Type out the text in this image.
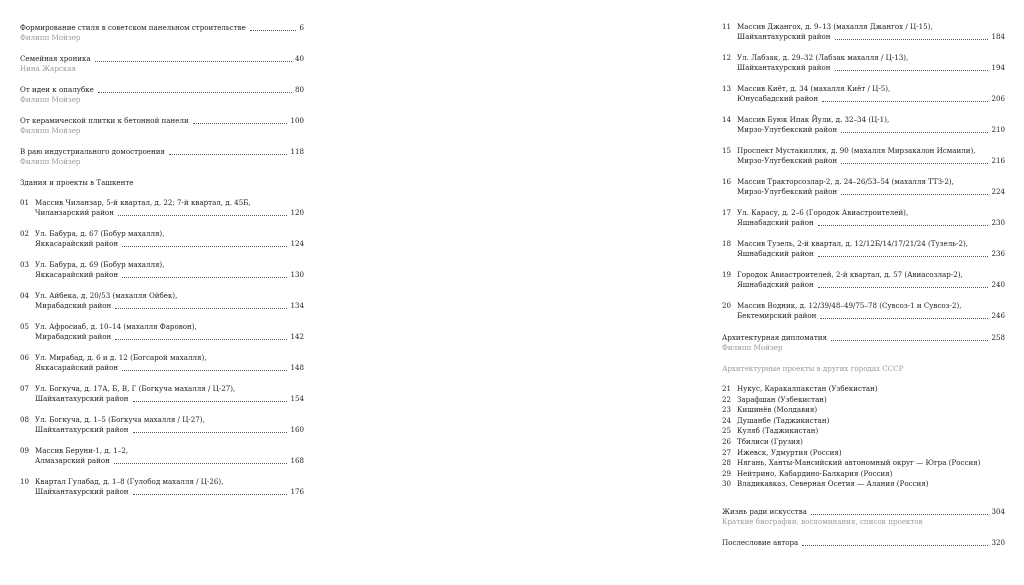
Формирование стиля в советском панельном строительстве	6
Филипп Мойзер
Семейная хроника	40
Нина Жарская
От идеи к опалубке	80
Филипп Мойзер
От керамической плитки к бетонной панели	100
Филипп Мойзер
В раю индустриального домостроения	118
Филипп Мойзер
Здания и проекты в Ташкенте
01 Массив Чиланзар, 5-й квартал, д. 22; 7-й квартал, д. 45Б,
Чиланзарский район	120
02 Ул. Бабура, д. 67 (Бобур махалля),
Яккасарайский район	124
03 Ул. Бабура, д. 69 (Бобур махалля),
Яккасарайский район	130
04 Ул. Айбека, д. 20/53 (махалля Ойбек),
Мирабадский район	134
05 Ул. Афросиаб, д. 10–14 (махалля Фаровон),
Мирабадский район	142
06 Ул. Мирабад, д. 6 и д. 12 (Богсарой махалля),
Яккасарайский район	148
07 Ул. Богкуча, д. 17А, Б, В, Г (Богкуча махалля / Ц-27),
Шайхантахурский район	154
08 Ул. Богкуча, д. 1–5 (Богкуча махалля / Ц-27),
Шайхантахурский район	160
09 Массив Беруни-1, д. 1–2,
Алмазарский район	168
10 Квартал Гулабад, д. 1–8 (Гулобод махалля / Ц-26),
Шайхантахурский район	176
11 Массив Джангох, д. 9–13 (махалля Джангох / Ц-15),
Шайхантахурский район	184
12 Ул. Лабзак, д. 29–32 (Лабзак махалля / Ц-13),
Шайхантахурский район	194
13 Массив Киёт, д. 34 (махалля Киёт / Ц-5),
Юнусабадский район	206
14 Массив Буюк Ипак Йули, д. 32–34 (Ц-1),
Мирзо-Улугбекский район	210
15 Проспект Мустакиллик, д. 90 (махалля Мирзакалон Исмаили),
Мирзо-Улугбекский район	216
16 Массив Тракторсозлар-2, д. 24–26/53–54 (махалля ТТЗ-2),
Мирзо-Улугбекский район	224
17 Ул. Карасу, д. 2–6 (Городок Авиастроителей),
Яшнабадский район	230
18 Массив Тузель, 2-й квартал, д. 12/12Б/14/17/21/24 (Тузель-2),
Яшнабадский район	236
19 Городок Авиастроителей, 2-й квартал, д. 57 (Авиасозлар-2),
Яшнабадский район	240
20 Массив Водник, д. 12/39/48–49/75–78 (Сувсоз-1 и Сувсоз-2),
Бектемирский район	246
Архитектурная дипломатия	258
Филипп Мойзер
Архитектурные проекты в других городах СССР
21 Нукус, Каракалпакстан (Узбекистан)
22 Зарафшан (Узбекистан)
23 Кишинёв (Молдавия)
24 Душанбе (Таджикистан)
25 Куляб (Таджикистан)
26 Тбилиси (Грузия)
27 Ижевск, Удмуртия (Россия)
28 Нягань, Ханты-Мансийский автономный округ — Югра (Россия)
29 Нейтрино, Кабардино-Балкария (Россия)
30 Владикавказ, Северная Осетия — Алания (Россия)
Жизнь ради искусства	304
Краткие биографии, воспоминания, список проектов
Послесловие автора	320
